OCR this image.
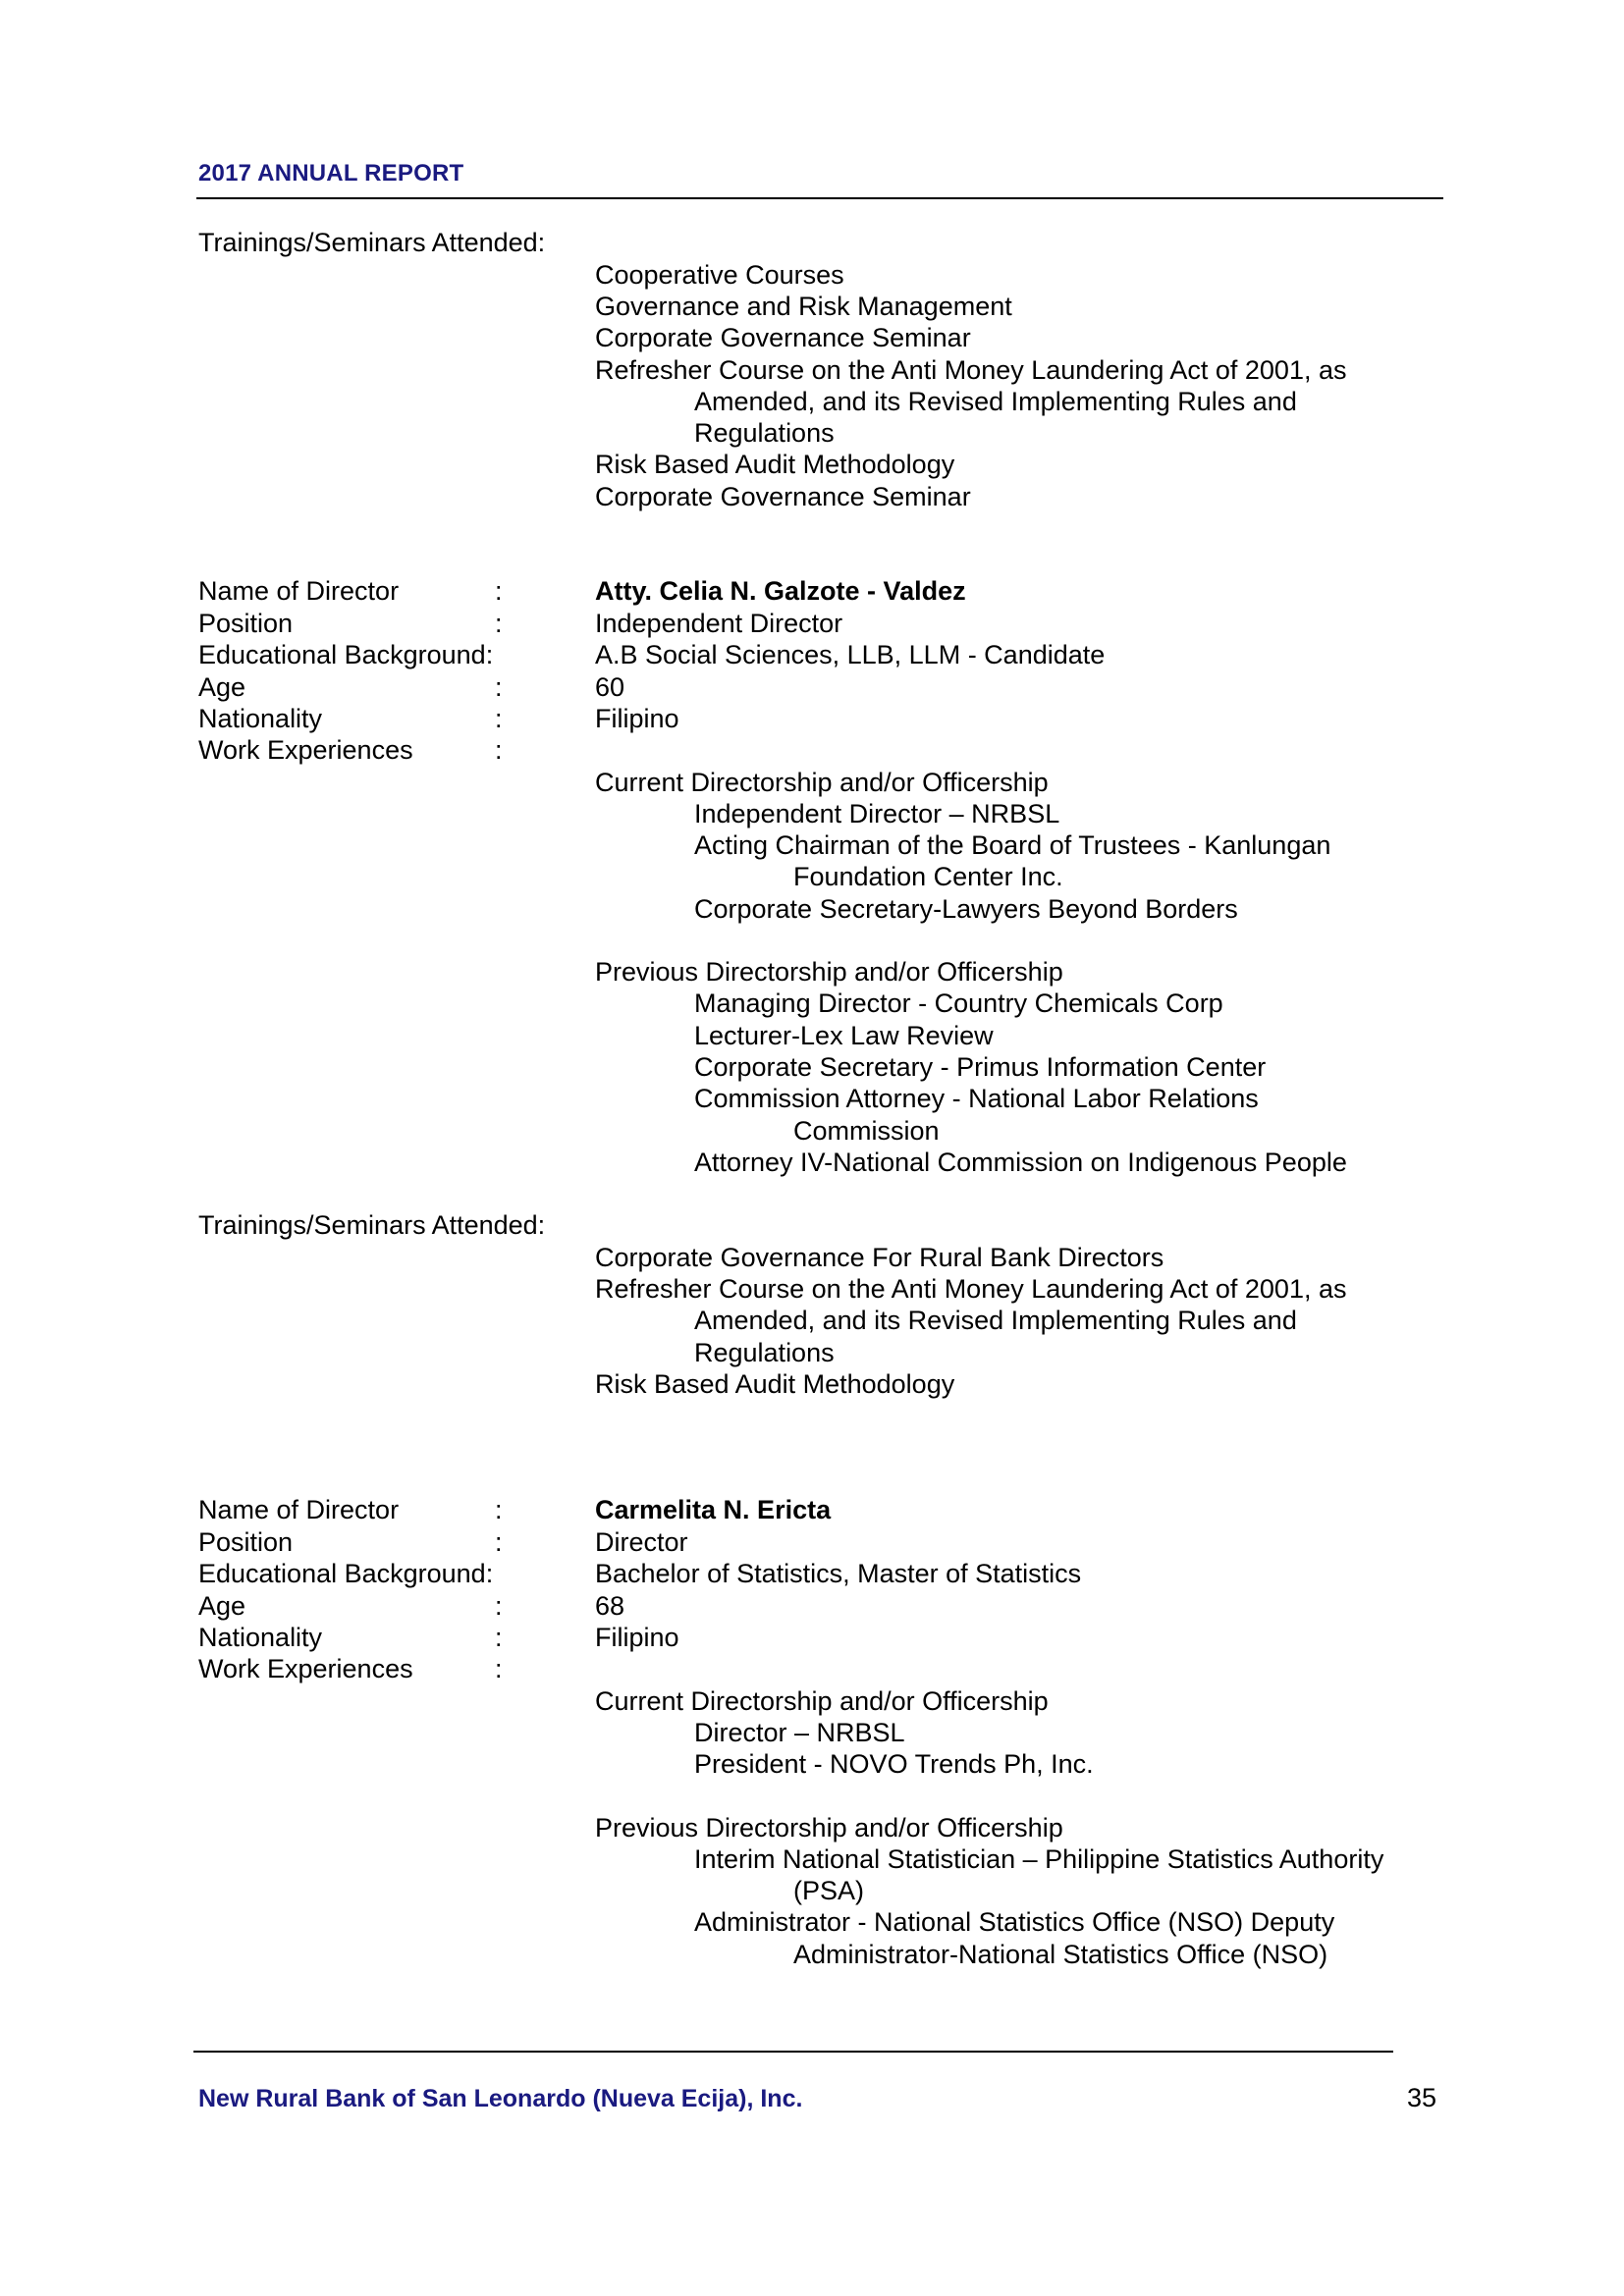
2017 ANNUAL REPORT
Trainings/Seminars Attended:
Cooperative Courses
Governance and Risk Management
Corporate Governance Seminar
Refresher Course on the Anti Money Laundering Act of 2001, as
Amended, and its Revised Implementing Rules and
Regulations
Risk Based Audit Methodology
Corporate Governance Seminar
Name of Director	:	Atty. Celia N. Galzote - Valdez
Position	:	Independent Director
Educational Background:	A.B Social Sciences, LLB, LLM - Candidate
Age	:	60
Nationality	:	Filipino
Work Experiences	:
Current Directorship and/or Officership
Independent Director – NRBSL
Acting Chairman of the Board of Trustees - Kanlungan
Foundation Center Inc.
Corporate Secretary-Lawyers Beyond Borders
Previous Directorship and/or Officership
Managing Director - Country Chemicals Corp
Lecturer-Lex Law Review
Corporate Secretary - Primus Information Center
Commission Attorney - National Labor Relations
Commission
Attorney IV-National Commission on Indigenous People
Trainings/Seminars Attended:
Corporate Governance For Rural Bank Directors
Refresher Course on the Anti Money Laundering Act of 2001, as
Amended, and its Revised Implementing Rules and
Regulations
Risk Based Audit Methodology
Name of Director	:	Carmelita N. Ericta
Position	:	Director
Educational Background:	Bachelor of Statistics, Master of Statistics
Age	:	68
Nationality	:	Filipino
Work Experiences	:
Current Directorship and/or Officership
Director – NRBSL
President - NOVO Trends Ph, Inc.
Previous Directorship and/or Officership
Interim National Statistician – Philippine Statistics Authority
(PSA)
Administrator - National Statistics Office (NSO) Deputy
Administrator-National Statistics Office (NSO)
New Rural Bank of San Leonardo (Nueva Ecija), Inc.	35
